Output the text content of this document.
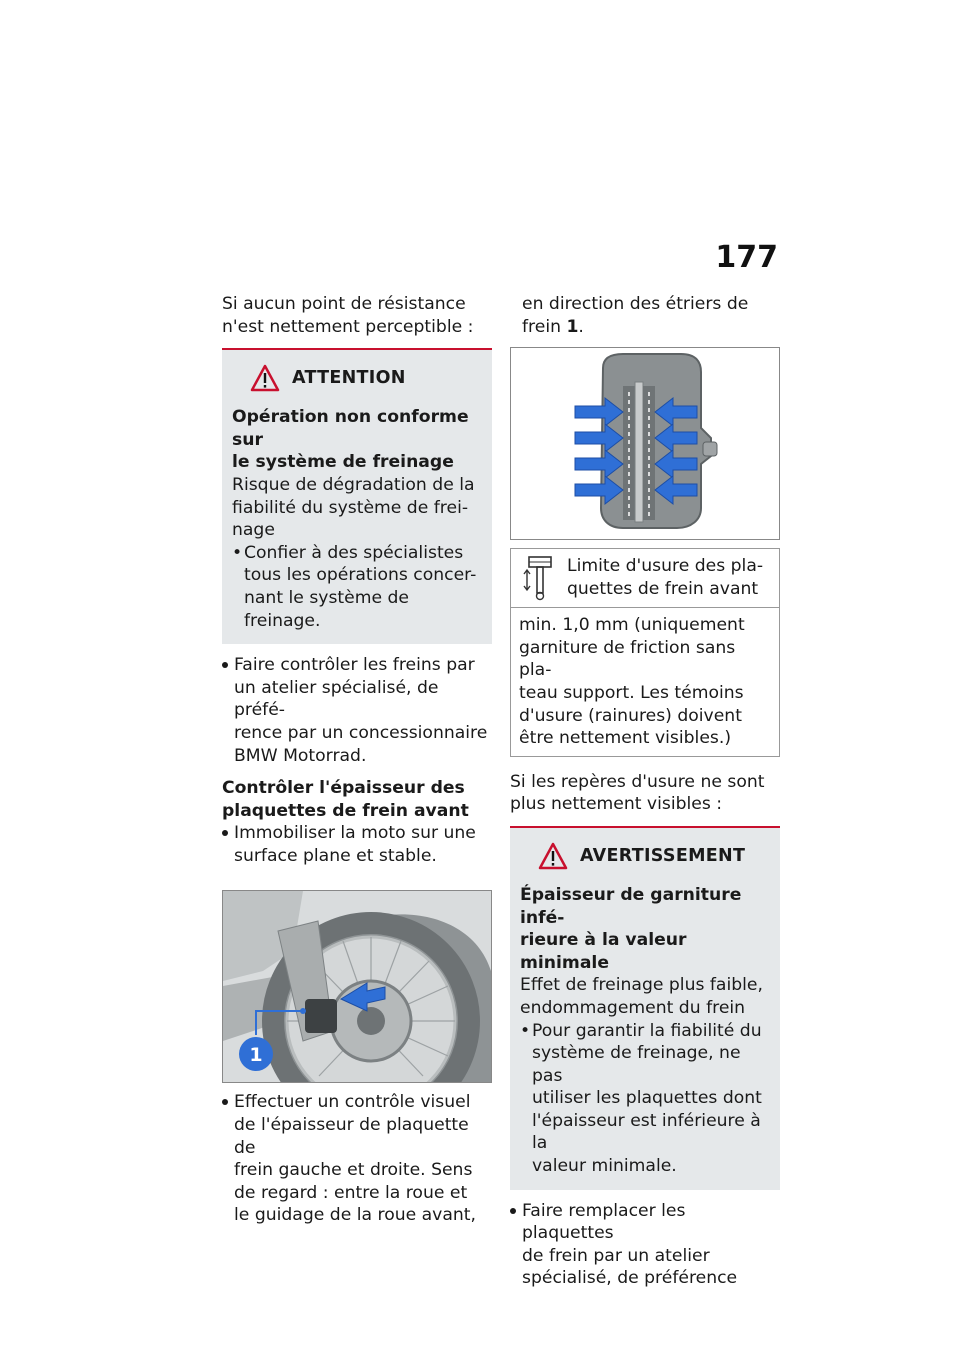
177

Si aucun point de résistance

n'est nettement perceptible :

ATTENTION

Opération non conforme sur

le système de freinage

Risque de dégradation de la

fiabilité du système de frei-

nage

• Confier à des spécialistes
tous les opérations concer-
nant le système de freinage.
Faire contrôler les freins par
un atelier spécialisé, de préfé-
rence par un concessionnaire
BMW Motorrad.
Contrôler l'épaisseur des
plaquettes de frein avant
Immobiliser la moto sur une
surface plane et stable.
1
Effectuer un contrôle visuel
de l'épaisseur de plaquette de
frein gauche et droite. Sens
de regard : entre la roue et
le guidage de la roue avant,
en direction des étriers de
frein 1.
Limite d'usure des pla-
quettes de frein avant
min. 1,0 mm (uniquement
garniture de friction sans pla-
teau support. Les témoins
d'usure (rainures) doivent
être nettement visibles.)
Si les repères d'usure ne sont
plus nettement visibles :
AVERTISSEMENT

Épaisseur de garniture infé-

rieure à la valeur minimale

Effet de freinage plus faible,

endommagement du frein

• Pour garantir la fiabilité du
système de freinage, ne pas
utiliser les plaquettes dont
l'épaisseur est inférieure à la
valeur minimale.
Faire remplacer les plaquettes
de frein par un atelier
spécialisé, de préférence
